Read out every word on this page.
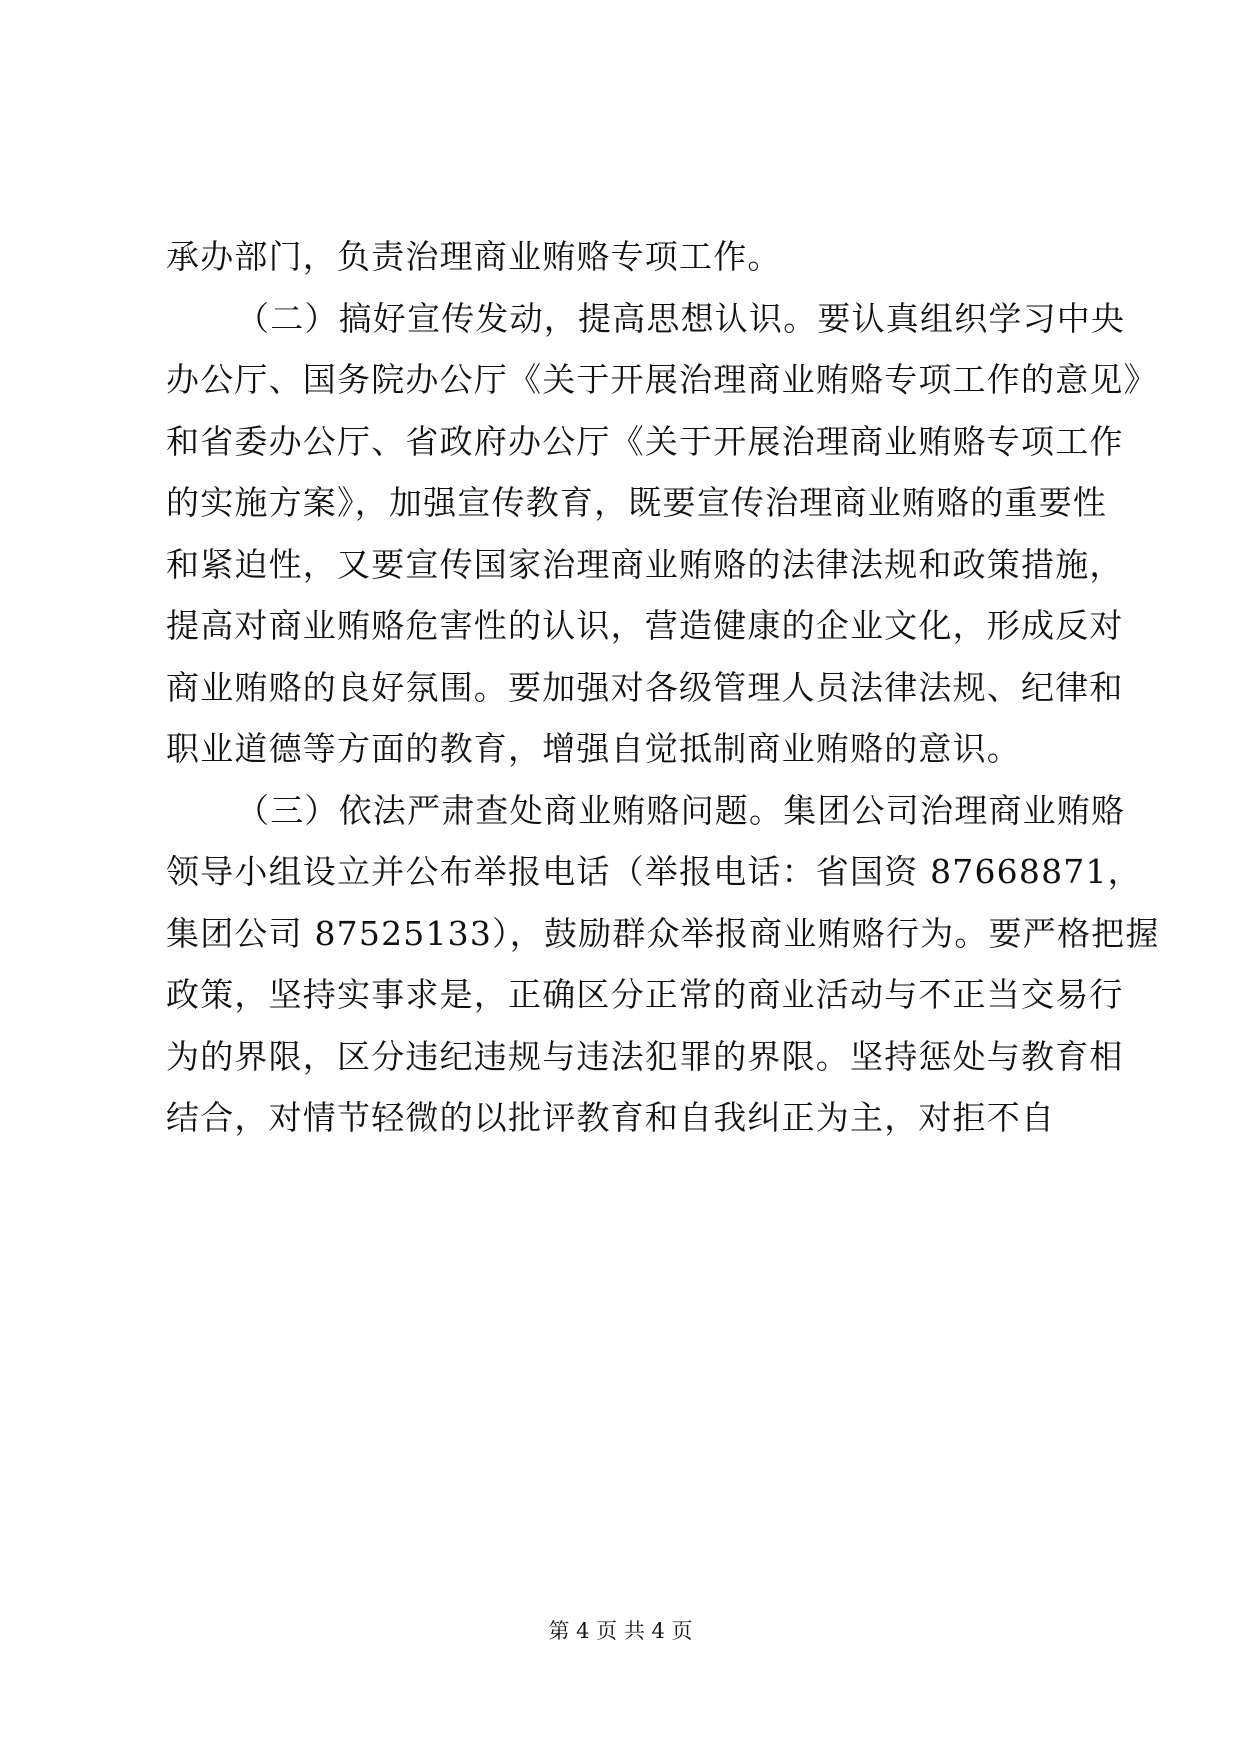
承办部门，负责治理商业贿赂专项工作。
（二）搞好宣传发动，提高思想认识。要认真组织学习中央
办公厅、国务院办公厅《关于开展治理商业贿赂专项工作的意见》
和省委办公厅、省政府办公厅《关于开展治理商业贿赂专项工作
的实施方案》，加强宣传教育，既要宣传治理商业贿赂的重要性
和紧迫性，又要宣传国家治理商业贿赂的法律法规和政策措施，
提高对商业贿赂危害性的认识，营造健康的企业文化，形成反对
商业贿赂的良好氛围。要加强对各级管理人员法律法规、纪律和
职业道德等方面的教育，增强自觉抵制商业贿赂的意识。
（三）依法严肃查处商业贿赂问题。集团公司治理商业贿赂
领导小组设立并公布举报电话（举报电话：省国资 87668871，
集团公司 87525133），鼓励群众举报商业贿赂行为。要严格把握
政策，坚持实事求是，正确区分正常的商业活动与不正当交易行
为的界限，区分违纪违规与违法犯罪的界限。坚持惩处与教育相
结合，对情节轻微的以批评教育和自我纠正为主，对拒不自
第 4 页 共 4 页
